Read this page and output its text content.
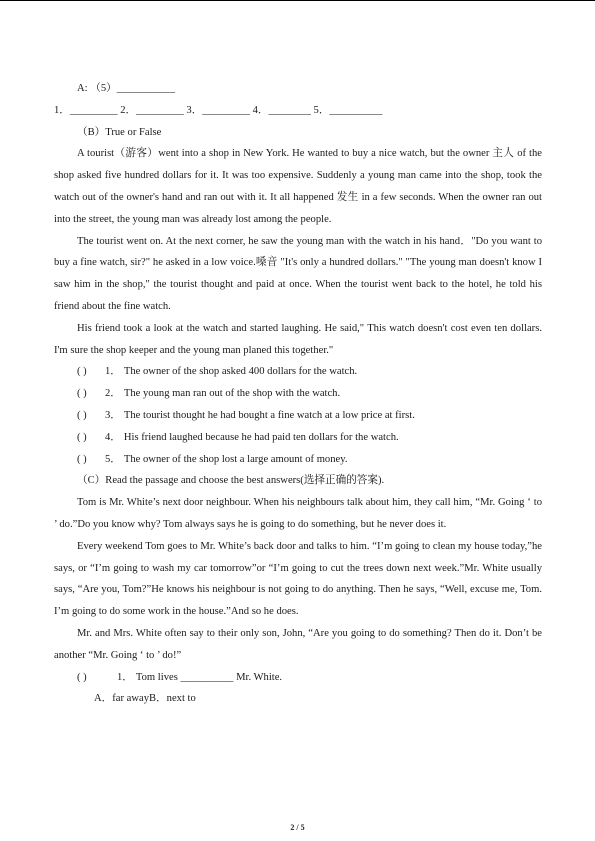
A: （5）___________
1．_________ 2．_________ 3．_________ 4．________ 5．__________
（B）True or False

A tourist（游客）went into a shop in New York. He wanted to buy a nice watch, but the owner 主人 of the shop asked five hundred dollars for it. It was too expensive. Suddenly a young man came into the shop, took the watch out of the owner's hand and ran out with it. It all happened 发生 in a few seconds. When the owner ran out into the street, the young man was already lost among the people.

The tourist went on. At the next corner, he saw the young man with the watch in his hand．"Do you want to buy a fine watch, sir?" he asked in a low voice.嗓音 "It's only a hundred dollars." "The young man doesn't know I saw him in the shop," the tourist thought and paid at once. When the tourist went back to the hotel, he told his friend about the fine watch.

His friend took a look at the watch and started laughing. He said," This watch doesn't cost even ten dollars. I'm sure the shop keeper and the young man planed this together."

( ) 1． The owner of the shop asked 400 dollars for the watch.
( ) 2． The young man ran out of the shop with the watch.
( ) 3． The tourist thought he had bought a fine watch at a low price at first.
( ) 4． His friend laughed because he had paid ten dollars for the watch.
( ) 5． The owner of the shop lost a large amount of money.
（C）Read the passage and choose the best answers(选择正确的答案).

Tom is Mr. White’s next door neighbour. When his neighbours talk about him, they call him, “Mr. Going ‘ to ’ do.”Do you know why? Tom always says he is going to do something, but he never does it.

Every weekend Tom goes to Mr. White’s back door and talks to him. “I’m going to clean my house today,”he says, or “I’m going to wash my car tomorrow”or “I’m going to cut the trees down next week.”Mr. White usually says, “Are you, Tom?”He knows his neighbour is not going to do anything. Then he says, “Well, excuse me, Tom. I’m going to do some work in the house.”And so he does.

Mr. and Mrs. White often say to their only son, John, “Are you going to do something? Then do it. Don’t be another “Mr. Going ‘ to ’ do!”

( )	1． Tom lives __________ Mr. White.
A．far awayB．next to
2 / 5
